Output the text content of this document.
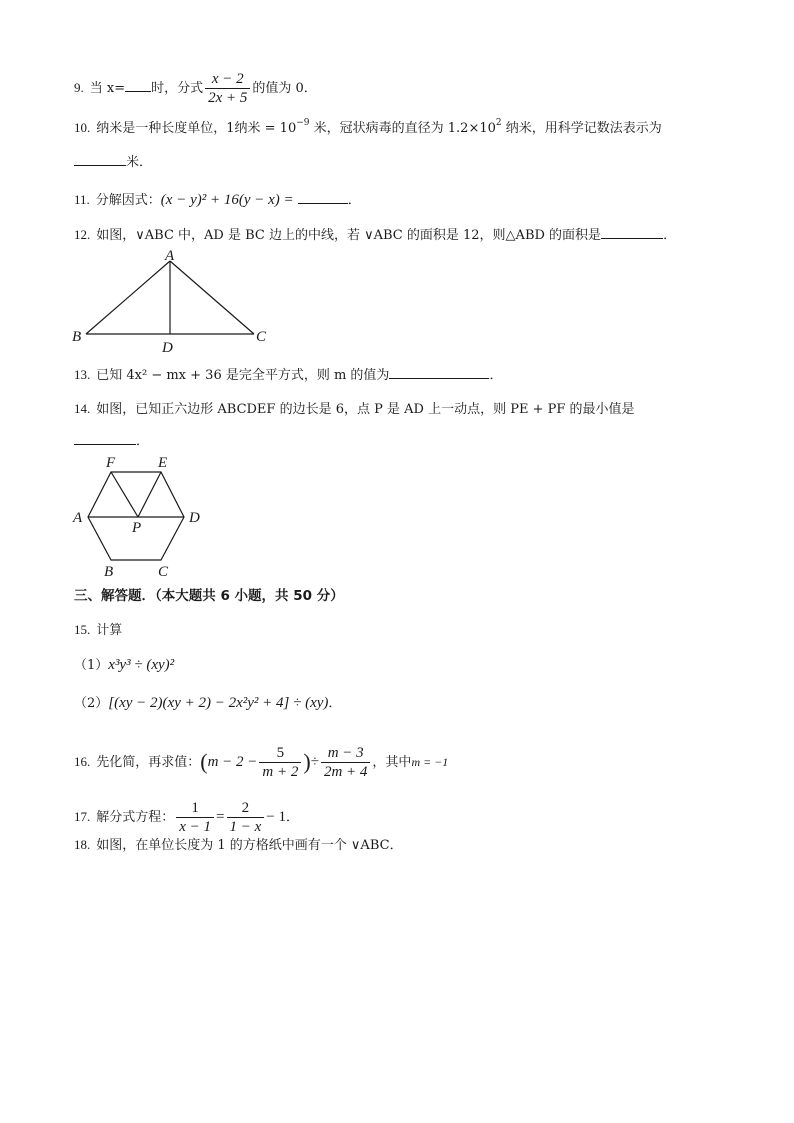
9. 当 x= 时，分式 $\frac{x - 2}{2x + 5}$ 的值为 0．
10. 纳米是一种长度单位，1纳米 = $10^{-9}$ 米，冠状病毒的直径为 $1.2\times 10^2$ 纳米，用科学记数法表示为
米．
11. 分解因式：(x − y)² + 16(y − x) =	．
12. 如图，∨ABC 中，AD 是 BC 边上的中线，若 ∨ABC 的面积是 12，则△ABD 的面积是	．
A
B	C
D
13. 已知 4x² − mx + 36 是完全平方式，则 m 的值为	．
14. 如图，已知正六边形 ABCDEF 的边长是 6，点 P 是 AD 上一动点，则 PE + PF 的最小值是
．
F	E
A	D
P
B	C
三、解答题．（本大题共 6 小题，共 50 分）
15. 计算
（1）x³y³ ÷ (xy)²
（2）[(xy − 2)(xy + 2) − 2x²y² + 4] ÷ (xy)．
16. 先化简，再求值：($m - 2 - \frac{5}{m + 2}$ )÷ $\frac{m - 3}{2m + 4}$ ，其中m = −1
17. 解分式方程： $\frac{1}{x - 1} = \frac{2}{1 - x} - 1$．
18. 如图，在单位长度为 1 的方格纸中画有一个 ∨ABC．
